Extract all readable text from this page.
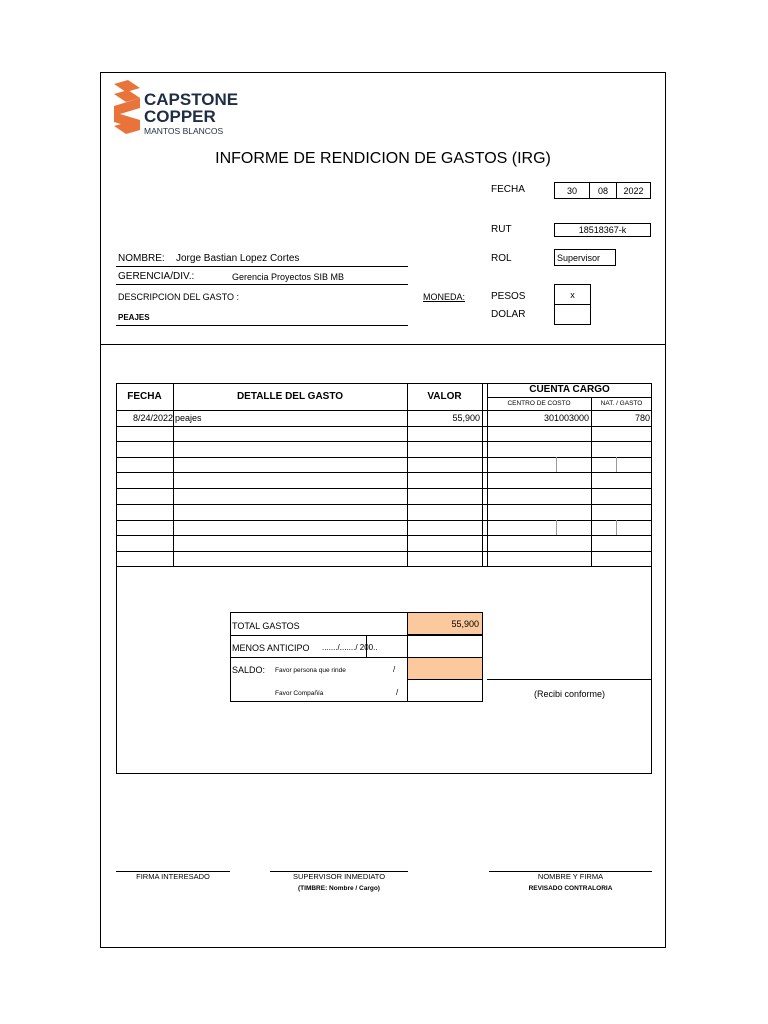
CAPSTONE
COPPER
MANTOS BLANCOS
INFORME DE RENDICION DE GASTOS (IRG)
FECHA	30	08	2022
RUT	18518367-k
ROL	Supervisor
NOMBRE: Jorge Bastian Lopez Cortes
GERENCIA/DIV.:	Gerencia Proyectos SIB MB
DESCRIPCION DEL GASTO :
PEAJES
MONEDA:	PESOS	x
DOLAR
FECHA	DETALLE DEL GASTO	VALOR
CUENTA CARGO
CENTRO DE COSTO	NAT. / GASTO
8/24/2022 peajes	55,900	301003000	780
TOTAL GASTOS	55,900
MENOS ANTICIPO ......./......./ 200..
SALDO: Favor persona que rinde	/
Favor Compañía	/	(Recibi conforme)
FIRMA INTERESADO	SUPERVISOR INMEDIATO
(TIMBRE: Nombre / Cargo)
NOMBRE Y FIRMA
REVISADO CONTRALORIA
